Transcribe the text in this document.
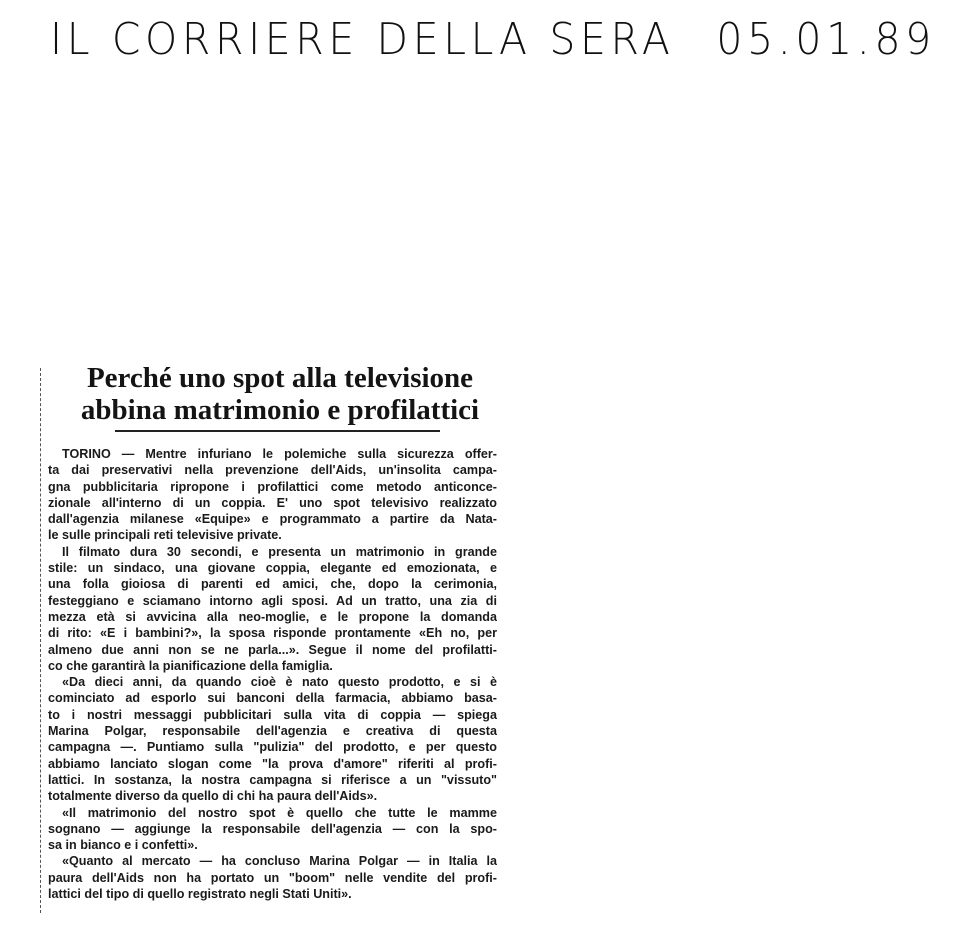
IL CORRIERE DELLA SERA 05.01.89
Perché uno spot alla televisione
abbina matrimonio e profilattici
TORINO — Mentre infuriano le polemiche sulla sicurezza offer-
ta dai preservativi nella prevenzione dell'Aids, un'insolita campa-
gna pubblicitaria ripropone i profilattici come metodo anticonce-
zionale all'interno di un coppia. E' uno spot televisivo realizzato
dall'agenzia milanese «Equipe» e programmato a partire da Nata-
le sulle principali reti televisive private.
Il filmato dura 30 secondi, e presenta un matrimonio in grande
stile: un sindaco, una giovane coppia, elegante ed emozionata, e
una folla gioiosa di parenti ed amici, che, dopo la cerimonia,
festeggiano e sciamano intorno agli sposi. Ad un tratto, una zia di
mezza età si avvicina alla neo-moglie, e le propone la domanda
di rito: «E i bambini?», la sposa risponde prontamente «Eh no, per
almeno due anni non se ne parla...». Segue il nome del profilatti-
co che garantirà la pianificazione della famiglia.
«Da dieci anni, da quando cioè è nato questo prodotto, e si è
cominciato ad esporlo sui banconi della farmacia, abbiamo basa-
to i nostri messaggi pubblicitari sulla vita di coppia — spiega
Marina Polgar, responsabile dell'agenzia e creativa di questa
campagna —. Puntiamo sulla "pulizia" del prodotto, e per questo
abbiamo lanciato slogan come "la prova d'amore" riferiti al profi-
lattici. In sostanza, la nostra campagna si riferisce a un "vissuto"
totalmente diverso da quello di chi ha paura dell'Aids».
«Il matrimonio del nostro spot è quello che tutte le mamme
sognano — aggiunge la responsabile dell'agenzia — con la spo-
sa in bianco e i confetti».
«Quanto al mercato — ha concluso Marina Polgar — in Italia la
paura dell'Aids non ha portato un "boom" nelle vendite del profi-
lattici del tipo di quello registrato negli Stati Uniti».
